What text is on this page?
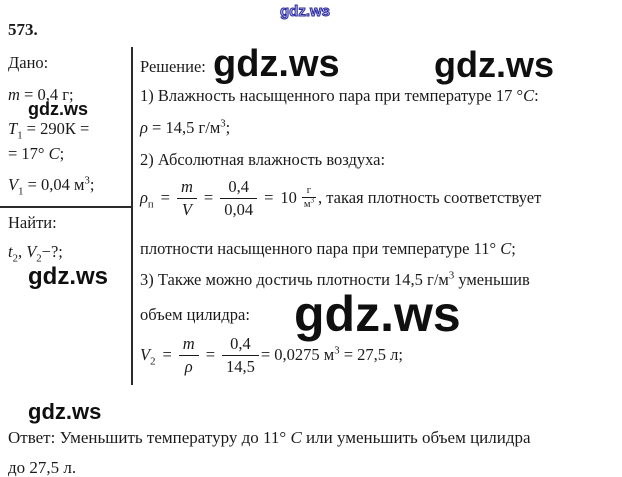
gdz.ws
gdz.ws	gdz.ws
gdz.ws
gdz.ws
gdz.ws
gdz.ws
573.
Дано:
m = 0,4 г;
$T_1 = 290К$ =
= 17° C;
$V_1 = 0,04$ $м^3$;
Найти:
$t_2$, $V_2-$?;
Решение:
1) Влажность насыщенного пара при температуре 17 °C:
ρ = 14,5 $г/м^3$;
2) Абсолютная влажность воздуха:
$\rho_п = \frac{m}{V} = \frac{0,4}{0,04} = 10 \frac{г}{м^3}$ , такая плотность соответствует
плотности насыщенного пара при температуре 11° C;
3) Также можно достичь плотности 14,5 $г/м^3$ уменьшив
объем цилидра:
$V_2 = \frac{m}{\rho} = \frac{0,4}{14,5} = 0,0275$ $м^3 = 27,5$ л;
Ответ: Уменьшить температуру до 11° C или уменьшить объем цилидра
до 27,5 л.
